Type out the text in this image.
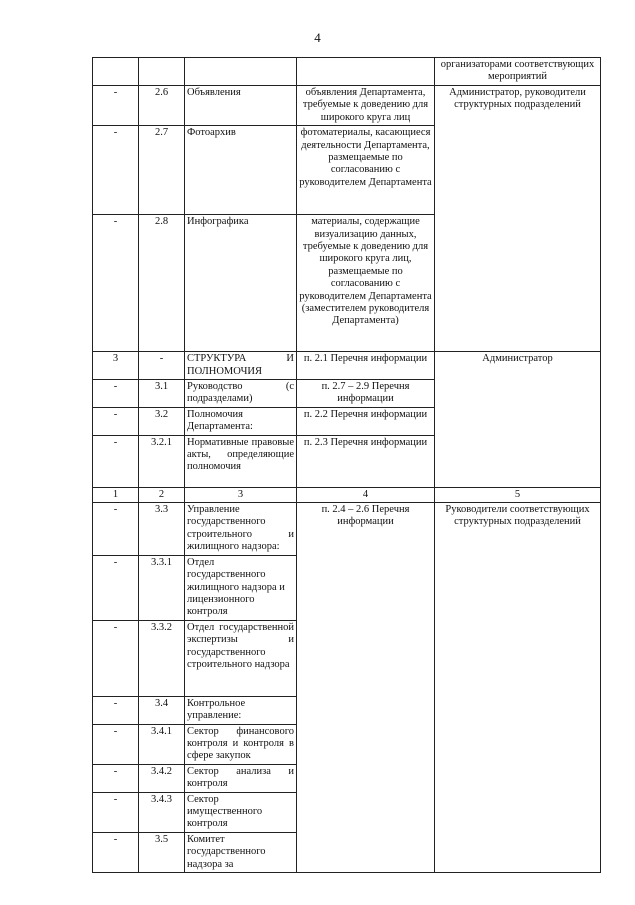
4
				организаторами соответствующих мероприятий
-	2.6	Объявления	объявления Департамента, требуемые к доведению для широкого круга лиц	Администратор, руководители структурных подразделений
-	2.7	Фотоархив	фотоматериалы, касающиеся деятельности Департамента, размещаемые по согласованию с руководителем Департамента	
-	2.8	Инфографика	материалы, содержащие визуализацию данных, требуемые к доведению для широкого круга лиц, размещаемые по согласованию с руководителем Департамента (заместителем руководителя Департамента)	
3	-	СТРУКТУРА И ПОЛНОМОЧИЯ	п. 2.1 Перечня информации	Администратор
-	3.1	Руководство (с подразделами)	п. 2.7 – 2.9 Перечня информации	
-	3.2	Полномочия Департамента:	п. 2.2 Перечня информации	
-	3.2.1	Нормативные правовые акты, определяющие полномочия	п. 2.3 Перечня информации	
1	2	3	4	5
-	3.3	Управление государственного строительного и жилищного надзора:	п. 2.4 – 2.6 Перечня информации	Руководители соответствующих структурных подразделений
-	3.3.1	Отдел государственного жилищного надзора и лицензионного контроля		
-	3.3.2	Отдел государственной экспертизы и государственного строительного надзора		
-	3.4	Контрольное управление:		
-	3.4.1	Сектор финансового контроля и контроля в сфере закупок		
-	3.4.2	Сектор анализа и контроля		
-	3.4.3	Сектор имущественного контроля		
-	3.5	Комитет государственного надзора за		
